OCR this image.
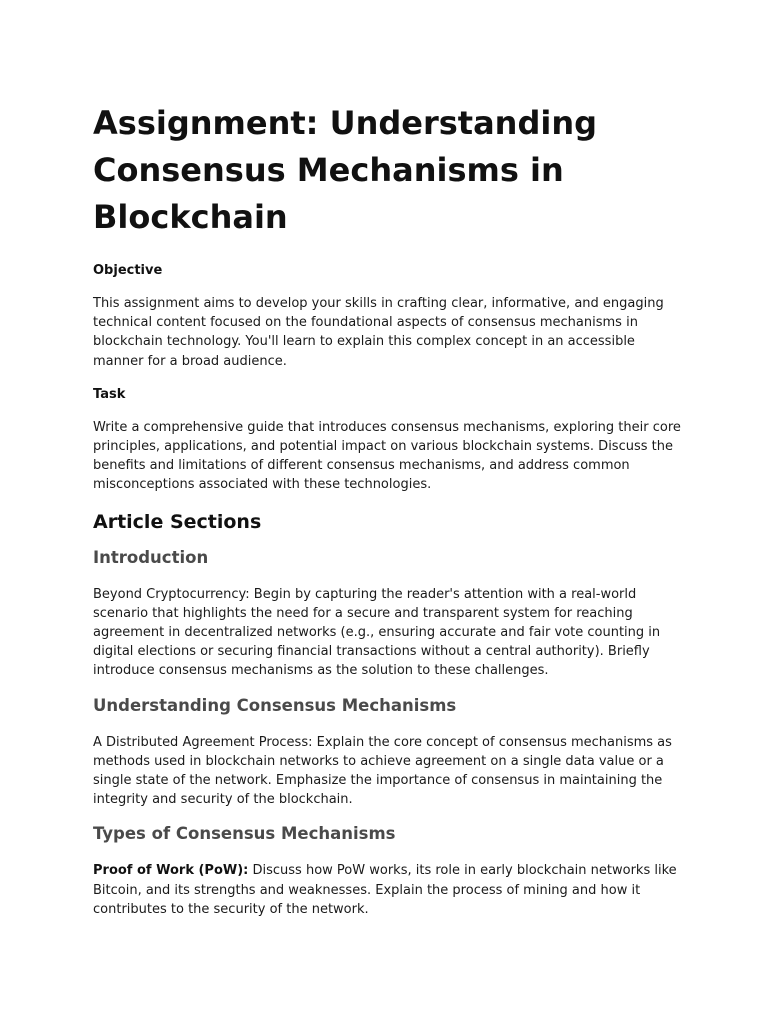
Assignment: Understanding Consensus Mechanisms in Blockchain
Objective

This assignment aims to develop your skills in crafting clear, informative, and engaging technical content focused on the foundational aspects of consensus mechanisms in blockchain technology. You'll learn to explain this complex concept in an accessible manner for a broad audience.

Task

Write a comprehensive guide that introduces consensus mechanisms, exploring their core principles, applications, and potential impact on various blockchain systems. Discuss the benefits and limitations of different consensus mechanisms, and address common misconceptions associated with these technologies.

Article Sections
Introduction

Beyond Cryptocurrency: Begin by capturing the reader's attention with a real-world scenario that highlights the need for a secure and transparent system for reaching agreement in decentralized networks (e.g., ensuring accurate and fair vote counting in digital elections or securing financial transactions without a central authority). Briefly introduce consensus mechanisms as the solution to these challenges.

Understanding Consensus Mechanisms

A Distributed Agreement Process: Explain the core concept of consensus mechanisms as methods used in blockchain networks to achieve agreement on a single data value or a single state of the network. Emphasize the importance of consensus in maintaining the integrity and security of the blockchain.

Types of Consensus Mechanisms

Proof of Work (PoW): Discuss how PoW works, its role in early blockchain networks like Bitcoin, and its strengths and weaknesses. Explain the process of mining and how it contributes to the security of the network.
